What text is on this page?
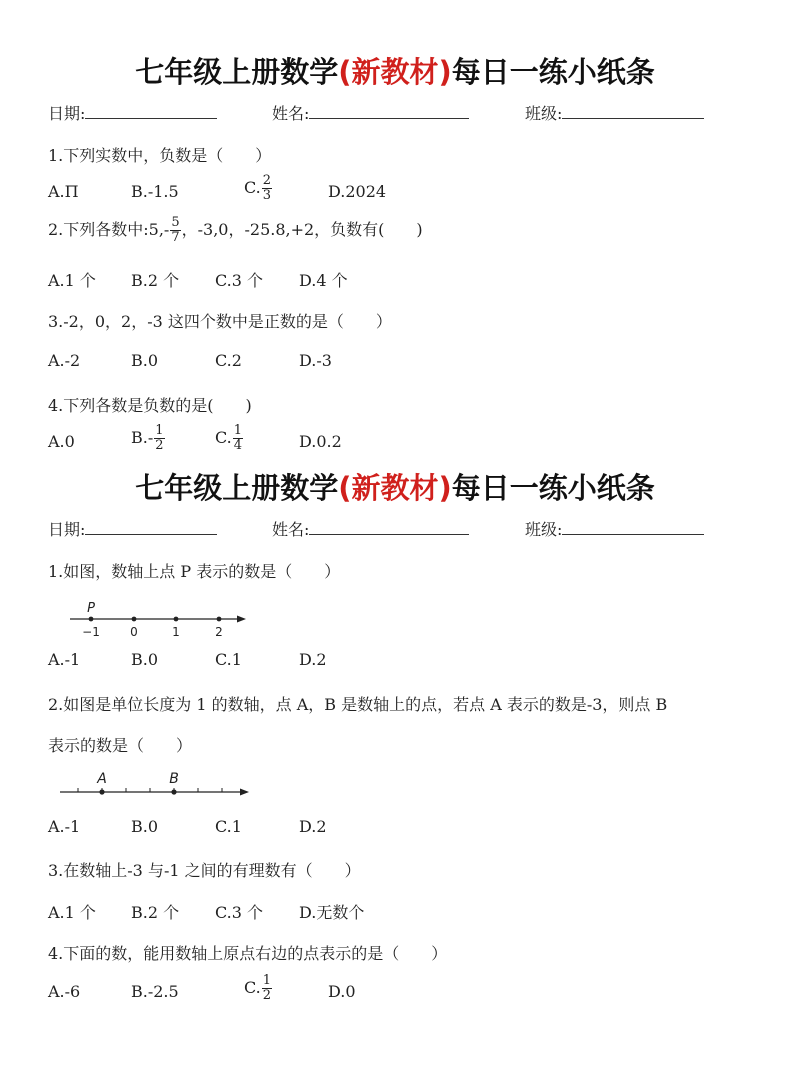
七年级上册数学(新教材)每日一练小纸条
日期:	姓名:	班级:
1.下列实数中，负数是（　　）
A.Π	B.-1.5	C. $\frac{2}{3}$	D.2024
2.下列各数中:5,- $\frac{5}{7}$ ，-3,0，-25.8,+2，负数有(　　)
A.1 个 B.2 个 C.3 个 D.4 个
3.-2，0，2，-3 这四个数中是正数的是（　　）
A.-2	B.0	C.2	D.-3
4.下列各数是负数的是(　　)
A.0	$B.- \frac{1}{2}$	C. $\frac{1}{4}$	D.0.2
七年级上册数学(新教材)每日一练小纸条
日期:	姓名:	班级:
1.如图，数轴上点 P 表示的数是（　　）
P
−1	0	1	2
A.-1	B.0	C.1	D.2
2.如图是单位长度为 1 的数轴，点 A，B 是数轴上的点，若点 A 表示的数是-3，则点 B
表示的数是（　　）
A	B
A.-1	B.0	C.1	D.2
3.在数轴上-3 与-1 之间的有理数有（　　）
A.1 个 B.2 个 C.3 个 D.无数个
4.下面的数，能用数轴上原点右边的点表示的是（　　）
A.-6	B.-2.5	C. $\frac{1}{2}$	D.0
